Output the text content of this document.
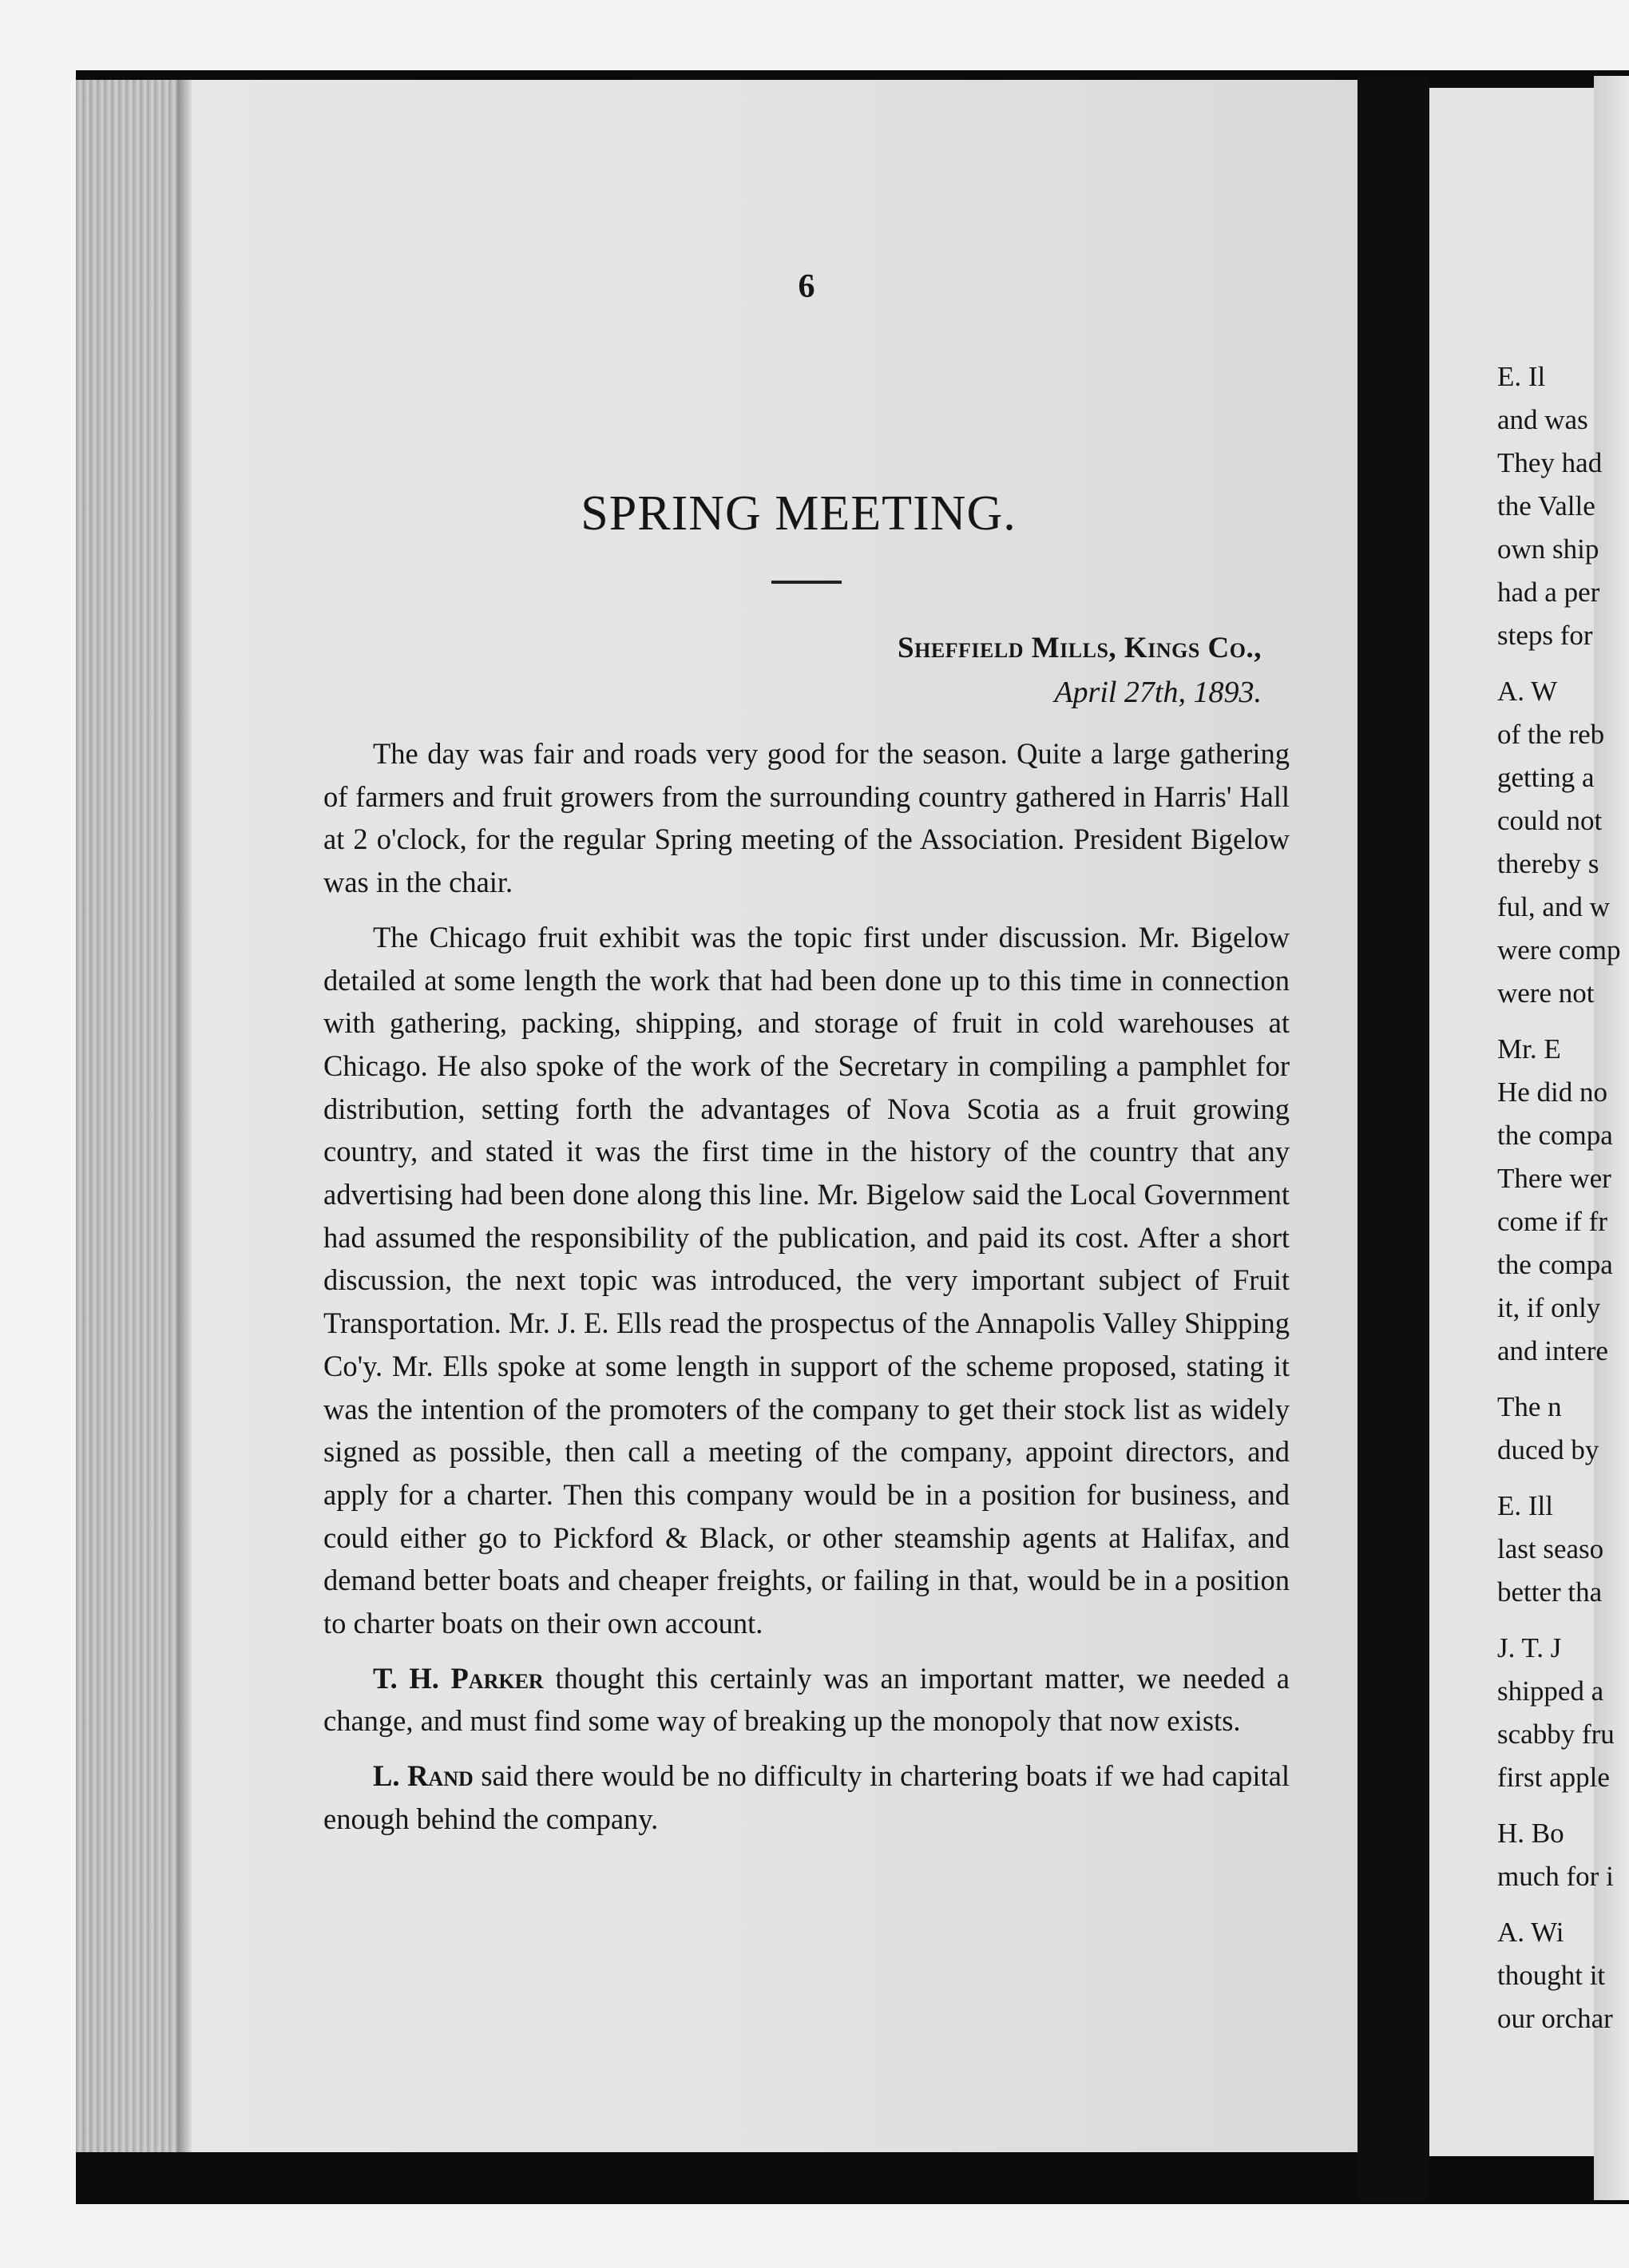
6
SPRING MEETING.
Sheffield Mills, Kings Co.,
April 27th, 1893.

The day was fair and roads very good for the season. Quite a large gathering of farmers and fruit growers from the surrounding country gathered in Harris' Hall at 2 o'clock, for the regular Spring meeting of the Association. President Bigelow was in the chair.

The Chicago fruit exhibit was the topic first under discussion. Mr. Bigelow detailed at some length the work that had been done up to this time in connection with gathering, packing, shipping, and storage of fruit in cold warehouses at Chicago. He also spoke of the work of the Secretary in compiling a pamphlet for distribution, setting forth the advantages of Nova Scotia as a fruit growing country, and stated it was the first time in the history of the country that any advertising had been done along this line. Mr. Bigelow said the Local Government had assumed the responsibility of the publication, and paid its cost. After a short discussion, the next topic was introduced, the very important subject of Fruit Transportation. Mr. J. E. Ells read the prospectus of the Annapolis Valley Shipping Co'y. Mr. Ells spoke at some length in support of the scheme proposed, stating it was the intention of the promoters of the company to get their stock list as widely signed as possible, then call a meeting of the company, appoint directors, and apply for a charter. Then this company would be in a position for business, and could either go to Pickford & Black, or other steamship agents at Halifax, and demand better boats and cheaper freights, or failing in that, would be in a position to charter boats on their own account.

T. H. Parker thought this certainly was an important matter, we needed a change, and must find some way of breaking up the monopoly that now exists.

L. Rand said there would be no difficulty in chartering boats if we had capital enough behind the company.

E. Il
and was
They had
the Valle
own ship
had a per
steps for
A. W
of the reb
getting a
could not
thereby s
ful, and w
were comp
were not
Mr. E
He did no
the compa
There wer
come if fr
the compa
it, if only
and intere
The n
duced by
E. Ill
last seaso
better tha
J. T. J
shipped a
scabby fru
first apple
H. Bo
much for i
A. Wi
thought it
our orchar
